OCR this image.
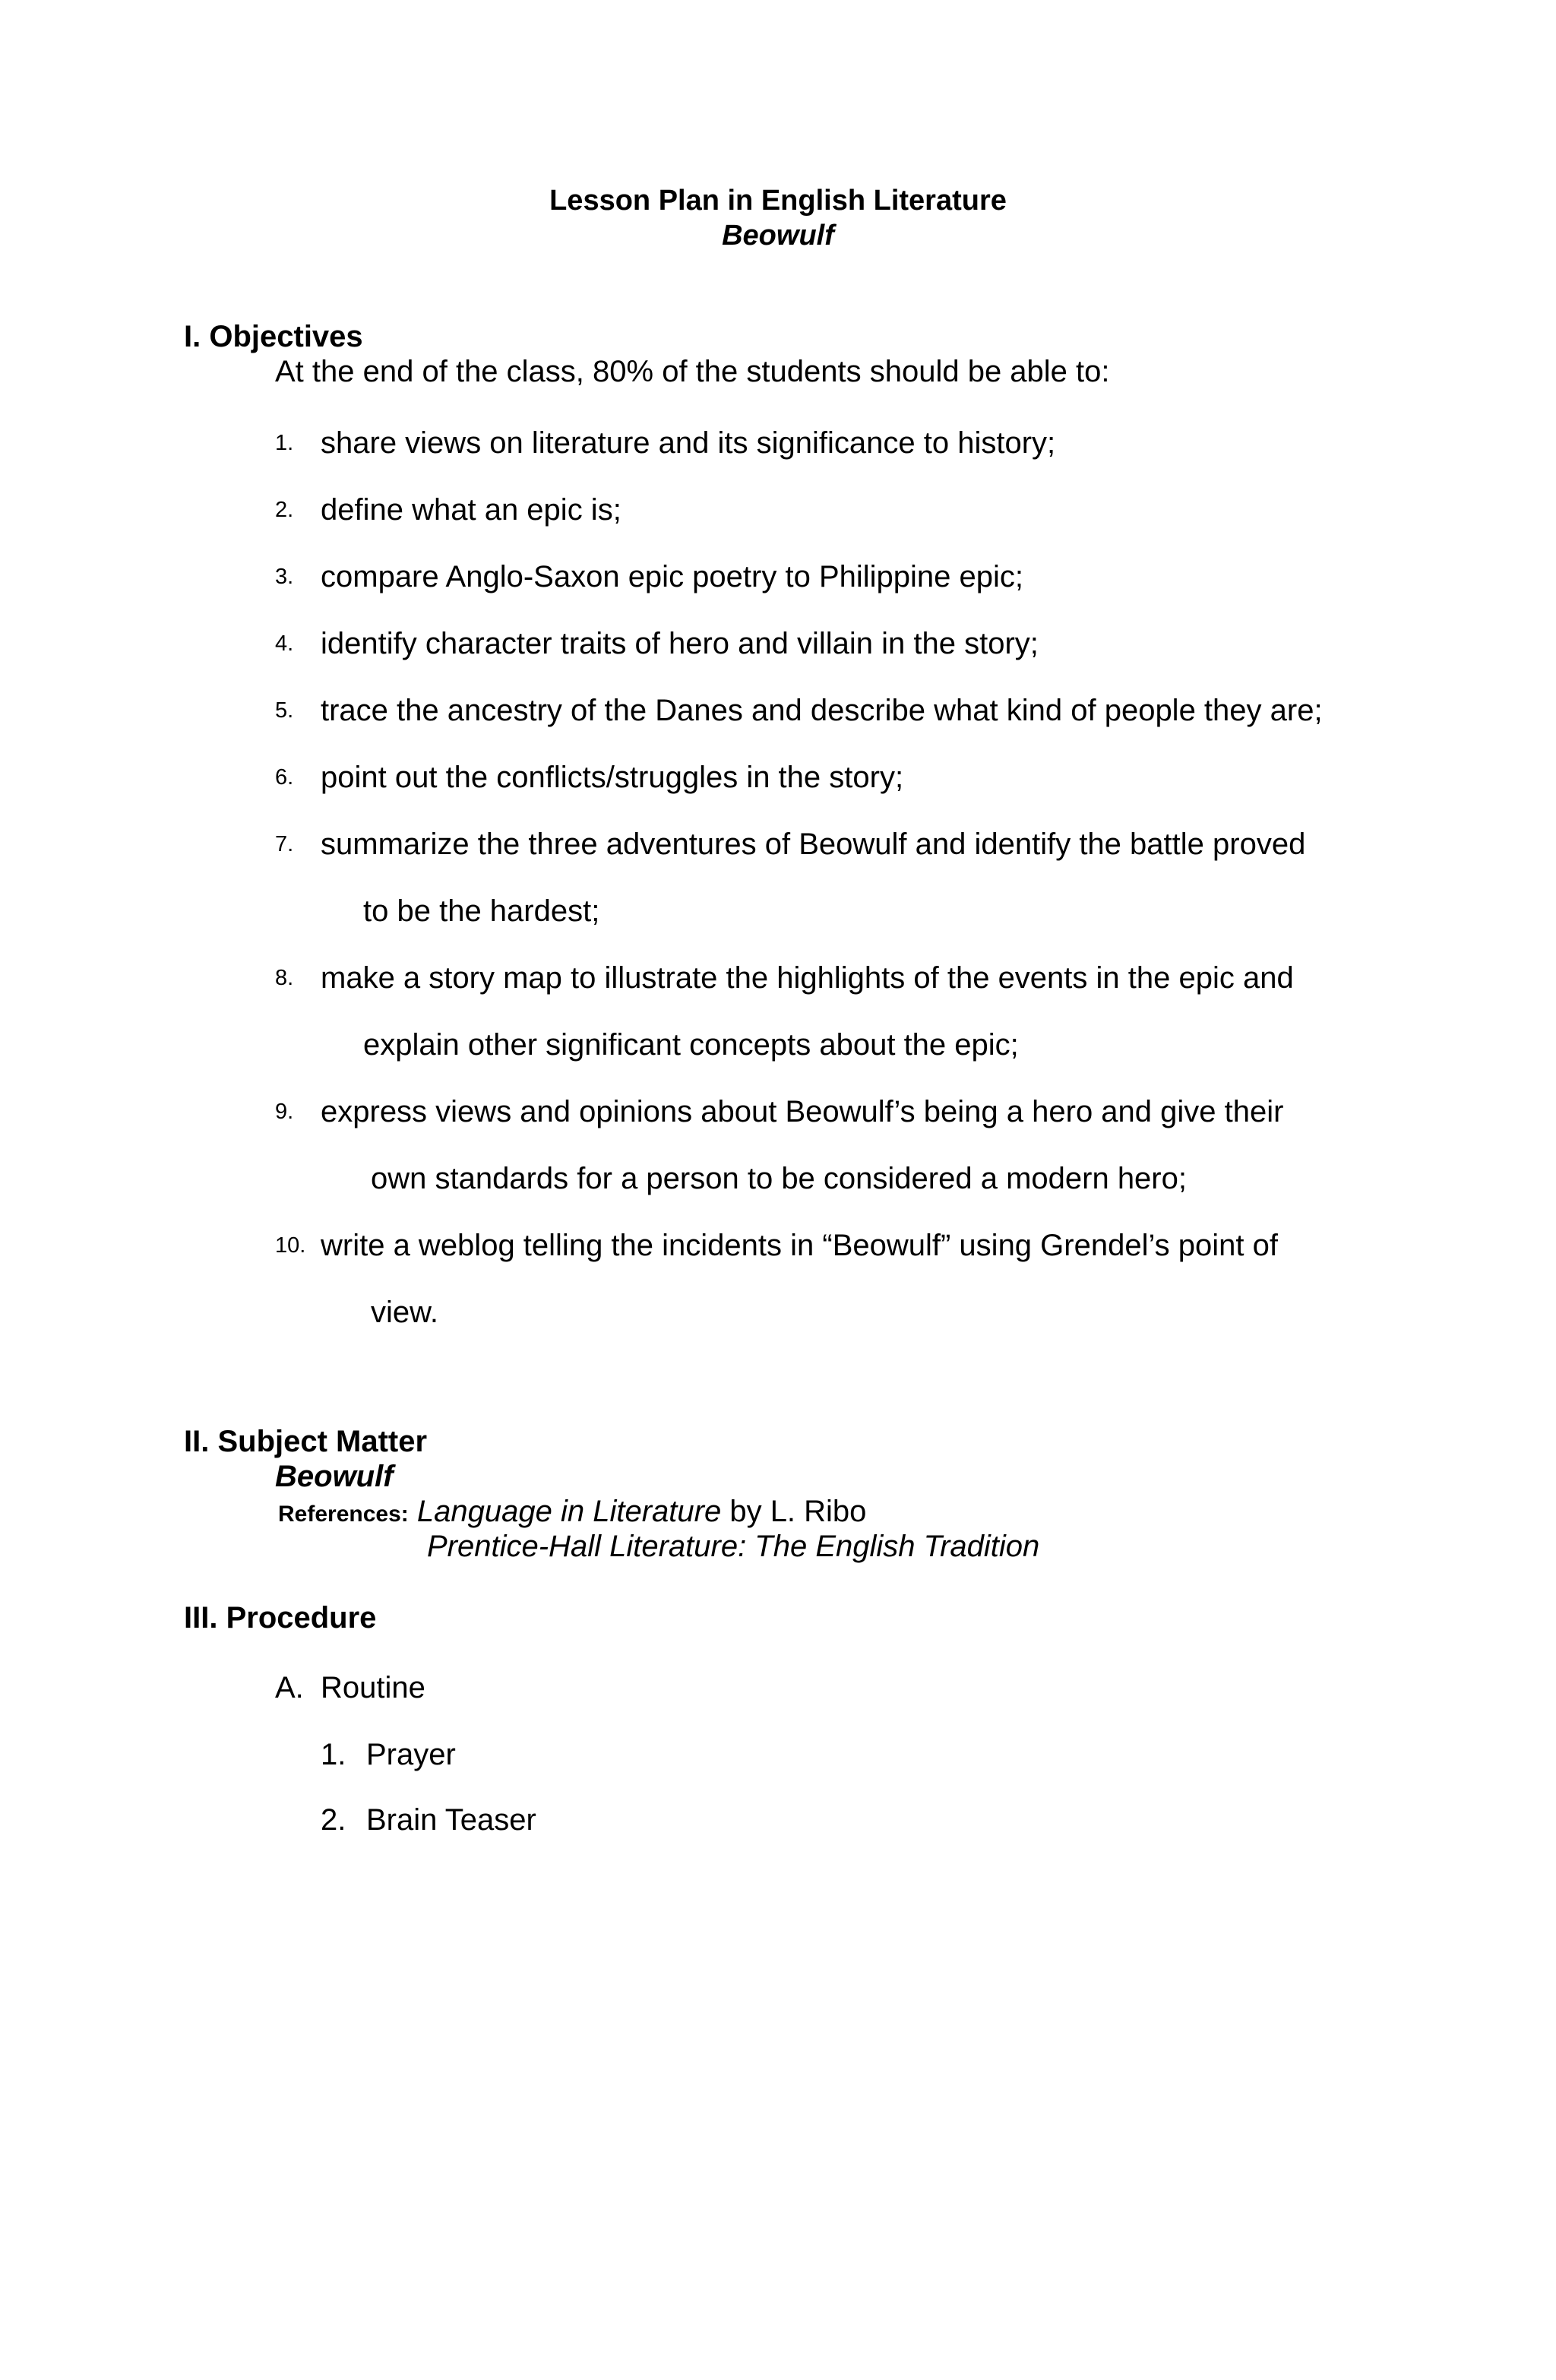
Lesson Plan in English Literature
Beowulf
I. Objectives
At the end of the class, 80% of the students should be able to:
1. share views on literature and its significance to history;
2. define what an epic is;
3. compare Anglo-Saxon epic poetry to Philippine epic;
4. identify character traits of hero and villain in the story;
5. trace the ancestry of the Danes and describe what kind of people they are;
6. point out the conflicts/struggles in the story;
7. summarize the three adventures of Beowulf and identify the battle proved
to be the hardest;
8. make a story map to illustrate the highlights of the events in the epic and
explain other significant concepts about the epic;
9. express views and opinions about Beowulf’s being a hero and give their
own standards for a person to be considered a modern hero;
10. write a weblog telling the incidents in “Beowulf” using Grendel’s point of
view.
II. Subject Matter
Beowulf
References: Language in Literature by L. Ribo
Prentice-Hall Literature: The English Tradition
III. Procedure
A. Routine
1. Prayer
2. Brain Teaser
